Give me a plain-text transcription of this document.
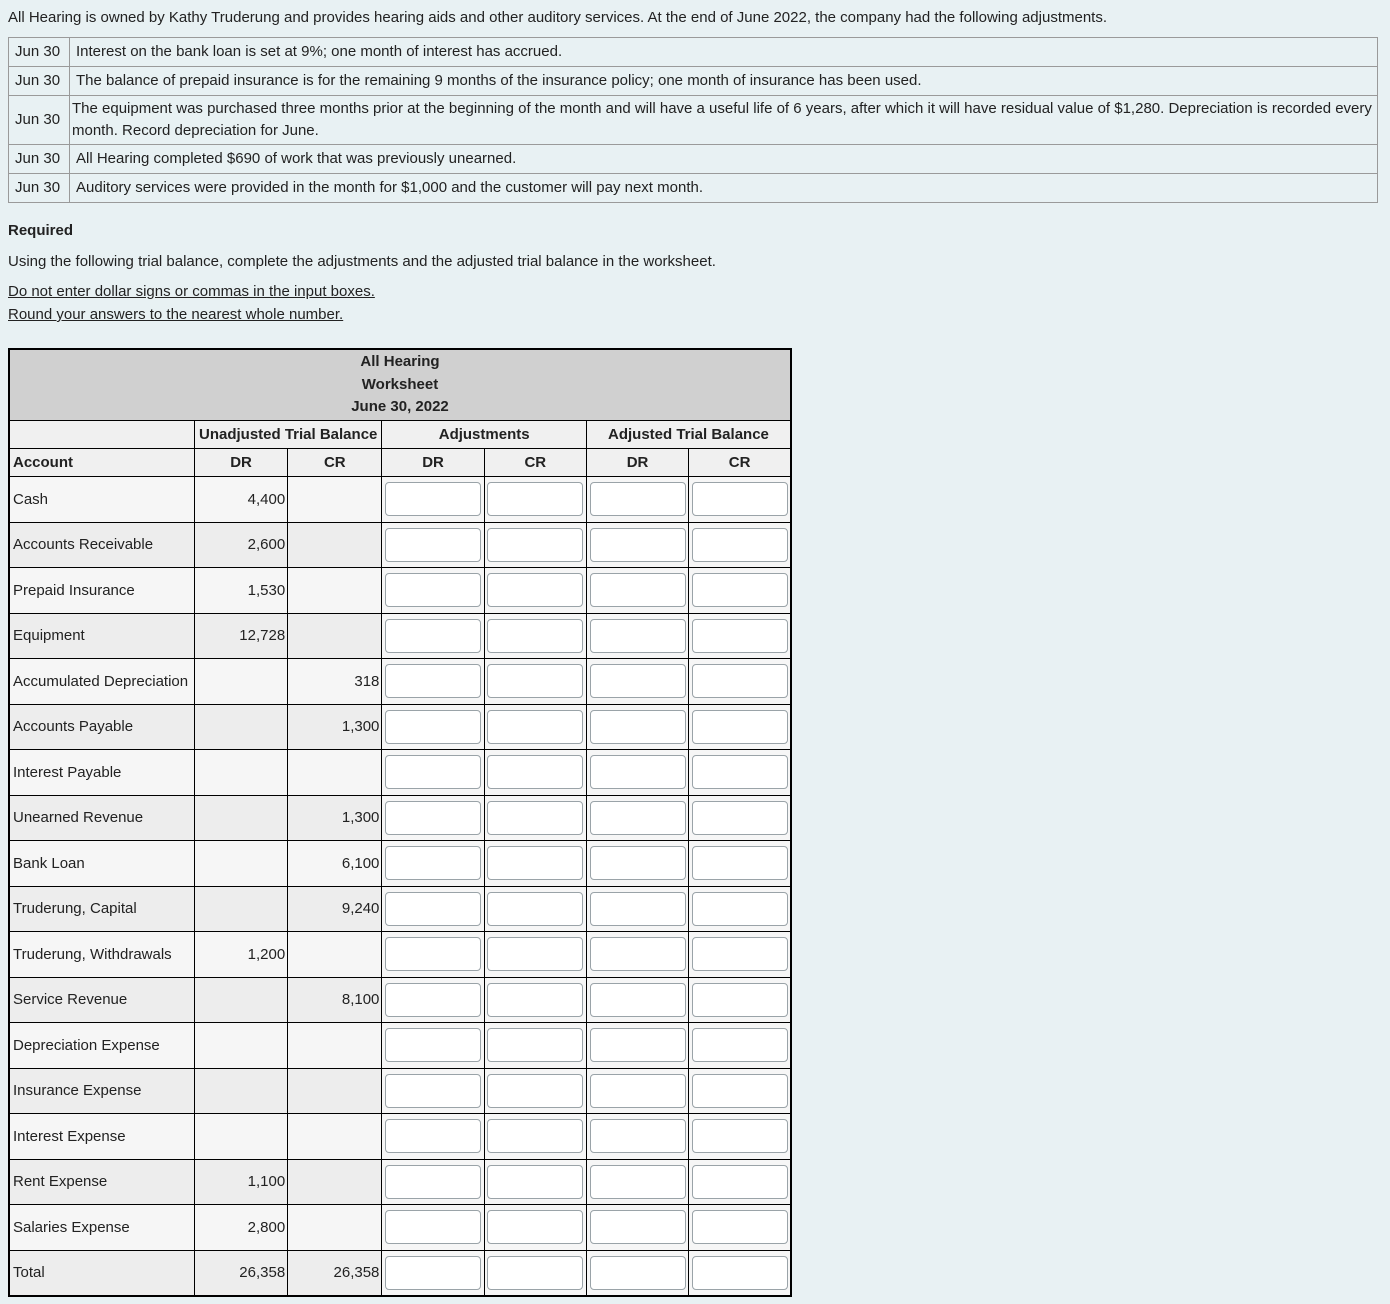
All Hearing is owned by Kathy Truderung and provides hearing aids and other auditory services. At the end of June 2022, the company had the following adjustments.

Jun 30	Interest on the bank loan is set at 9%; one month of interest has accrued.
Jun 30	The balance of prepaid insurance is for the remaining 9 months of the insurance policy; one month of insurance has been used.
Jun 30	The equipment was purchased three months prior at the beginning of the month and will have a useful life of 6 years, after which it will have residual value of $1,280. Depreciation is recorded every month. Record depreciation for June.
Jun 30	All Hearing completed $690 of work that was previously unearned.
Jun 30	Auditory services were provided in the month for $1,000 and the customer will pay next month.

Required

Using the following trial balance, complete the adjustments and the adjusted trial balance in the worksheet.

Do not enter dollar signs or commas in the input boxes.

Round your answers to the nearest whole number.

All Hearing
Worksheet
June 30, 2022						

	Unadjusted Trial Balance		Adjustments		Adjusted Trial Balance	
Account	DR	CR	DR	CR	DR	CR
Cash	4,400		

Accounts Receivable	2,600		

Prepaid Insurance	1,530		

Equipment	12,728		

Accumulated Depreciation		318	

Accounts Payable		1,300	

Interest Payable			

Unearned Revenue		1,300	

Bank Loan		6,100	

Truderung, Capital		9,240	

Truderung, Withdrawals	1,200		

Service Revenue		8,100	

Depreciation Expense			

Insurance Expense			

Interest Expense			

Rent Expense	1,100		

Salaries Expense	2,800		

Total	26,358	26,358	
